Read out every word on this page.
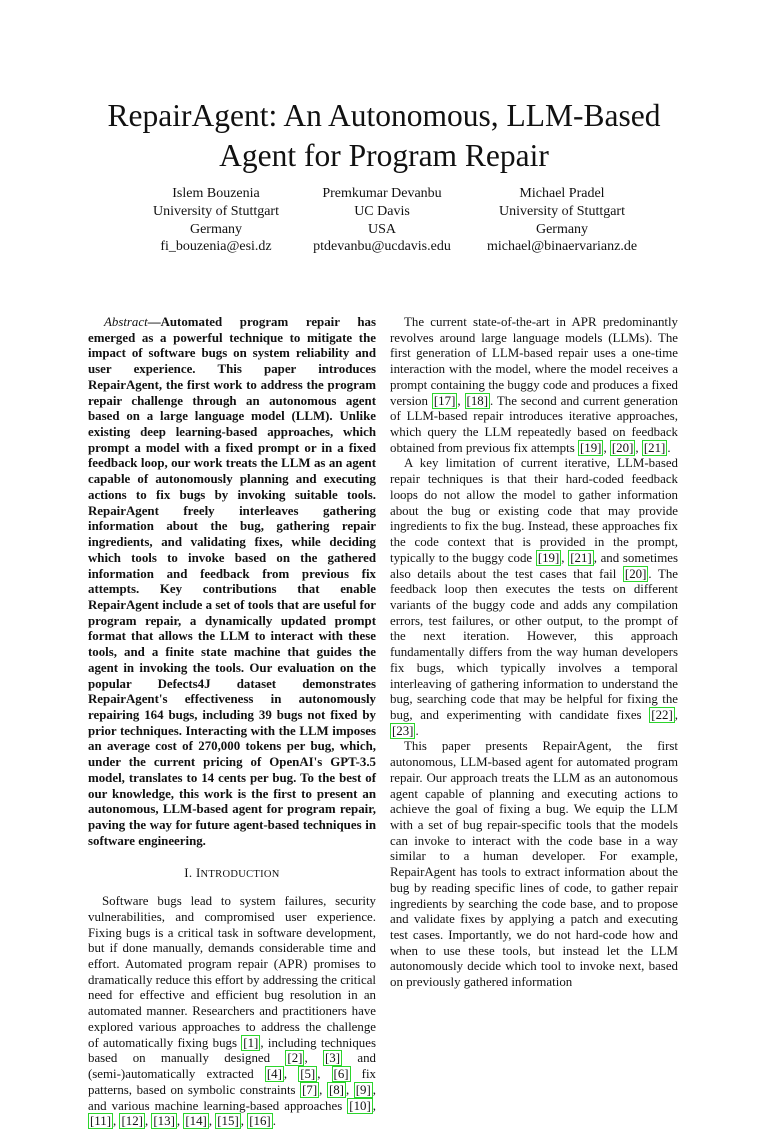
RepairAgent: An Autonomous, LLM-Based
Agent for Program Repair
Islem Bouzenia
University of Stuttgart
Germany
fi_bouzenia@esi.dz
Premkumar Devanbu
UC Davis
USA
ptdevanbu@ucdavis.edu
Michael Pradel
University of Stuttgart
Germany
michael@binaervarianz.de

Abstract—Automated program repair has emerged as a powerful technique to mitigate the impact of software bugs on system reliability and user experience. This paper introduces RepairAgent, the first work to address the program repair challenge through an autonomous agent based on a large language model (LLM). Unlike existing deep learning-based approaches, which prompt a model with a fixed prompt or in a fixed feedback loop, our work treats the LLM as an agent capable of autonomously planning and executing actions to fix bugs by invoking suitable tools. RepairAgent freely interleaves gathering information about the bug, gathering repair ingredients, and validating fixes, while deciding which tools to invoke based on the gathered information and feedback from previous fix attempts. Key contributions that enable RepairAgent include a set of tools that are useful for program repair, a dynamically updated prompt format that allows the LLM to interact with these tools, and a finite state machine that guides the agent in invoking the tools. Our evaluation on the popular Defects4J dataset demonstrates RepairAgent's effectiveness in autonomously repairing 164 bugs, including 39 bugs not fixed by prior techniques. Interacting with the LLM imposes an average cost of 270,000 tokens per bug, which, under the current pricing of OpenAI's GPT-3.5 model, translates to 14 cents per bug. To the best of our knowledge, this work is the first to present an autonomous, LLM-based agent for program repair, paving the way for future agent-based techniques in software engineering.

I. INTRODUCTION

Software bugs lead to system failures, security vulnerabilities, and compromised user experience. Fixing bugs is a critical task in software development, but if done manually, demands considerable time and effort. Automated program repair (APR) promises to dramatically reduce this effort by addressing the critical need for effective and efficient bug resolution in an automated manner. Researchers and practitioners have explored various approaches to address the challenge of automatically fixing bugs [1] , including techniques based on manually designed [2] , [3] and (semi-)automatically extracted [4] , [5] , [6] fix patterns, based on symbolic constraints [7] , [8] , [9] , and various machine learning-based approaches [10] , [11] , [12] , [13] , [14] , [15] , [16] .

The current state-of-the-art in APR predominantly revolves around large language models (LLMs). The first generation of LLM-based repair uses a one-time interaction with the model, where the model receives a prompt containing the buggy code and produces a fixed version [17] , [18] . The second and current generation of LLM-based repair introduces iterative approaches, which query the LLM repeatedly based on feedback obtained from previous fix attempts [19] , [20] , [21] .

A key limitation of current iterative, LLM-based repair techniques is that their hard-coded feedback loops do not allow the model to gather information about the bug or existing code that may provide ingredients to fix the bug. Instead, these approaches fix the code context that is provided in the prompt, typically to the buggy code [19] , [21] , and sometimes also details about the test cases that fail [20] . The feedback loop then executes the tests on different variants of the buggy code and adds any compilation errors, test failures, or other output, to the prompt of the next iteration. However, this approach fundamentally differs from the way human developers fix bugs, which typically involves a temporal interleaving of gathering information to understand the bug, searching code that may be helpful for fixing the bug, and experimenting with candidate fixes [22] , [23] .

This paper presents RepairAgent, the first autonomous, LLM-based agent for automated program repair. Our approach treats the LLM as an autonomous agent capable of planning and executing actions to achieve the goal of fixing a bug. We equip the LLM with a set of bug repair-specific tools that the models can invoke to interact with the code base in a way similar to a human developer. For example, RepairAgent has tools to extract information about the bug by reading specific lines of code, to gather repair ingredients by searching the code base, and to propose and validate fixes by applying a patch and executing test cases. Importantly, we do not hard-code how and when to use these tools, but instead let the LLM autonomously decide which tool to invoke next, based on previously gathered information
